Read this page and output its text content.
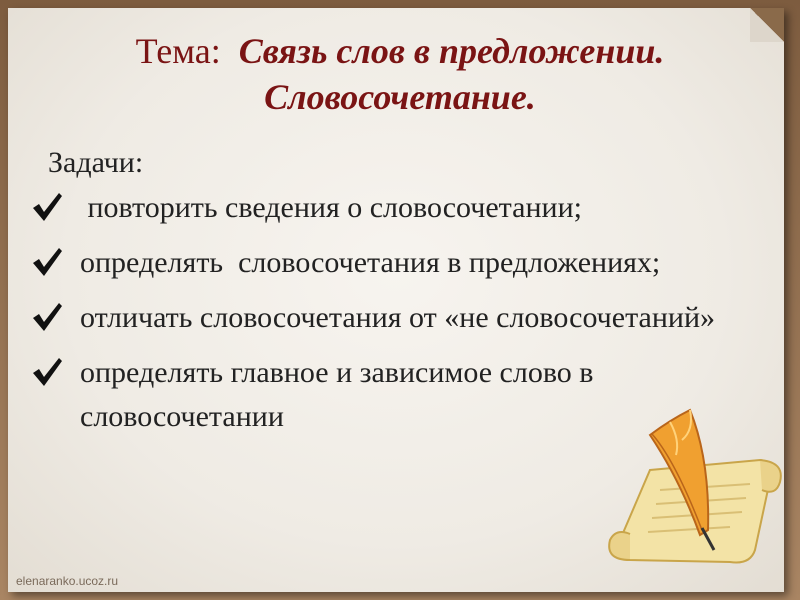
Тема: Связь слов в предложении.
Словосочетание.
Задачи:
повторить сведения о словосочетании;
определять  словосочетания в предложениях;
отличать словосочетания от «не словосочетаний»
определять главное и зависимое слово в словосочетании
elenaranko.ucoz.ru
